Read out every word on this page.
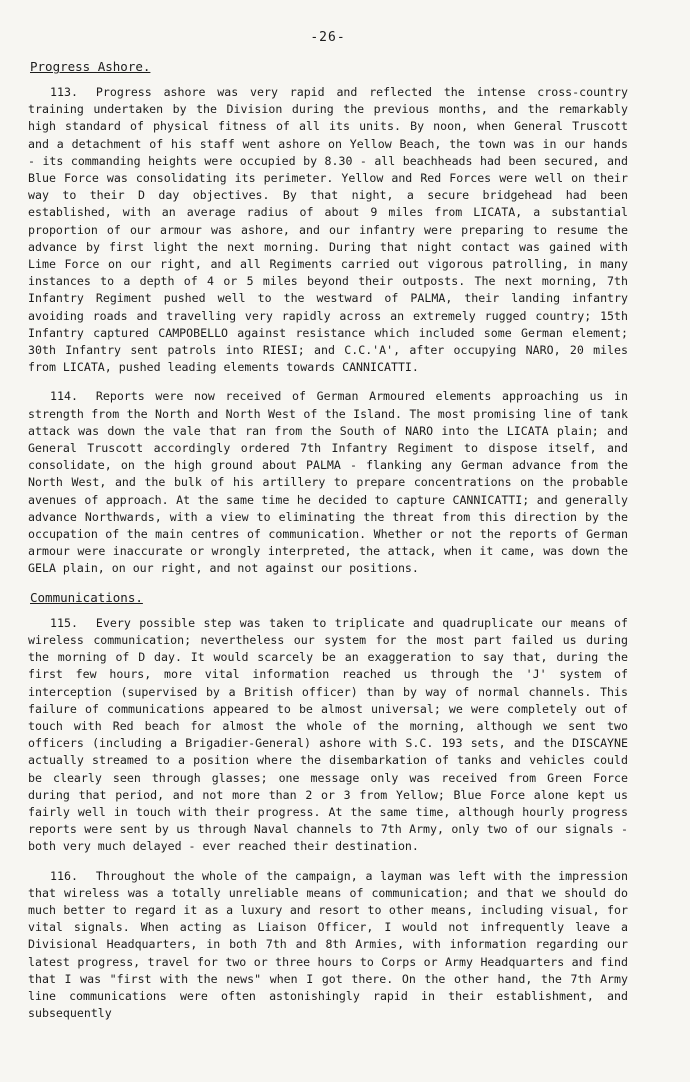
-26-
Progress Ashore.

113. Progress ashore was very rapid and reflected the intense cross-country training undertaken by the Division during the previous months, and the remarkably high standard of physical fitness of all its units. By noon, when General Truscott and a detachment of his staff went ashore on Yellow Beach, the town was in our hands - its commanding heights were occupied by 8.30 - all beachheads had been secured, and Blue Force was consolidating its perimeter. Yellow and Red Forces were well on their way to their D day objectives. By that night, a secure bridgehead had been established, with an average radius of about 9 miles from LICATA, a substantial proportion of our armour was ashore, and our infantry were preparing to resume the advance by first light the next morning. During that night contact was gained with Lime Force on our right, and all Regiments carried out vigorous patrolling, in many instances to a depth of 4 or 5 miles beyond their outposts. The next morning, 7th Infantry Regiment pushed well to the westward of PALMA, their landing infantry avoiding roads and travelling very rapidly across an extremely rugged country; 15th Infantry captured CAMPOBELLO against resistance which included some German element; 30th Infantry sent patrols into RIESI; and C.C.'A', after occupying NARO, 20 miles from LICATA, pushed leading elements towards CANNICATTI.

114. Reports were now received of German Armoured elements approaching us in strength from the North and North West of the Island. The most promising line of tank attack was down the vale that ran from the South of NARO into the LICATA plain; and General Truscott accordingly ordered 7th Infantry Regiment to dispose itself, and consolidate, on the high ground about PALMA - flanking any German advance from the North West, and the bulk of his artillery to prepare concentrations on the probable avenues of approach. At the same time he decided to capture CANNICATTI; and generally advance Northwards, with a view to eliminating the threat from this direction by the occupation of the main centres of communication. Whether or not the reports of German armour were inaccurate or wrongly interpreted, the attack, when it came, was down the GELA plain, on our right, and not against our positions.

Communications.

115. Every possible step was taken to triplicate and quadruplicate our means of wireless communication; nevertheless our system for the most part failed us during the morning of D day. It would scarcely be an exaggeration to say that, during the first few hours, more vital information reached us through the 'J' system of interception (supervised by a British officer) than by way of normal channels. This failure of communications appeared to be almost universal; we were completely out of touch with Red beach for almost the whole of the morning, although we sent two officers (including a Brigadier-General) ashore with S.C. 193 sets, and the DISCAYNE actually streamed to a position where the disembarkation of tanks and vehicles could be clearly seen through glasses; one message only was received from Green Force during that period, and not more than 2 or 3 from Yellow; Blue Force alone kept us fairly well in touch with their progress. At the same time, although hourly progress reports were sent by us through Naval channels to 7th Army, only two of our signals - both very much delayed - ever reached their destination.

116. Throughout the whole of the campaign, a layman was left with the impression that wireless was a totally unreliable means of communication; and that we should do much better to regard it as a luxury and resort to other means, including visual, for vital signals. When acting as Liaison Officer, I would not infrequently leave a Divisional Headquarters, in both 7th and 8th Armies, with information regarding our latest progress, travel for two or three hours to Corps or Army Headquarters and find that I was "first with the news" when I got there. On the other hand, the 7th Army line communications were often astonishingly rapid in their establishment, and subsequently
